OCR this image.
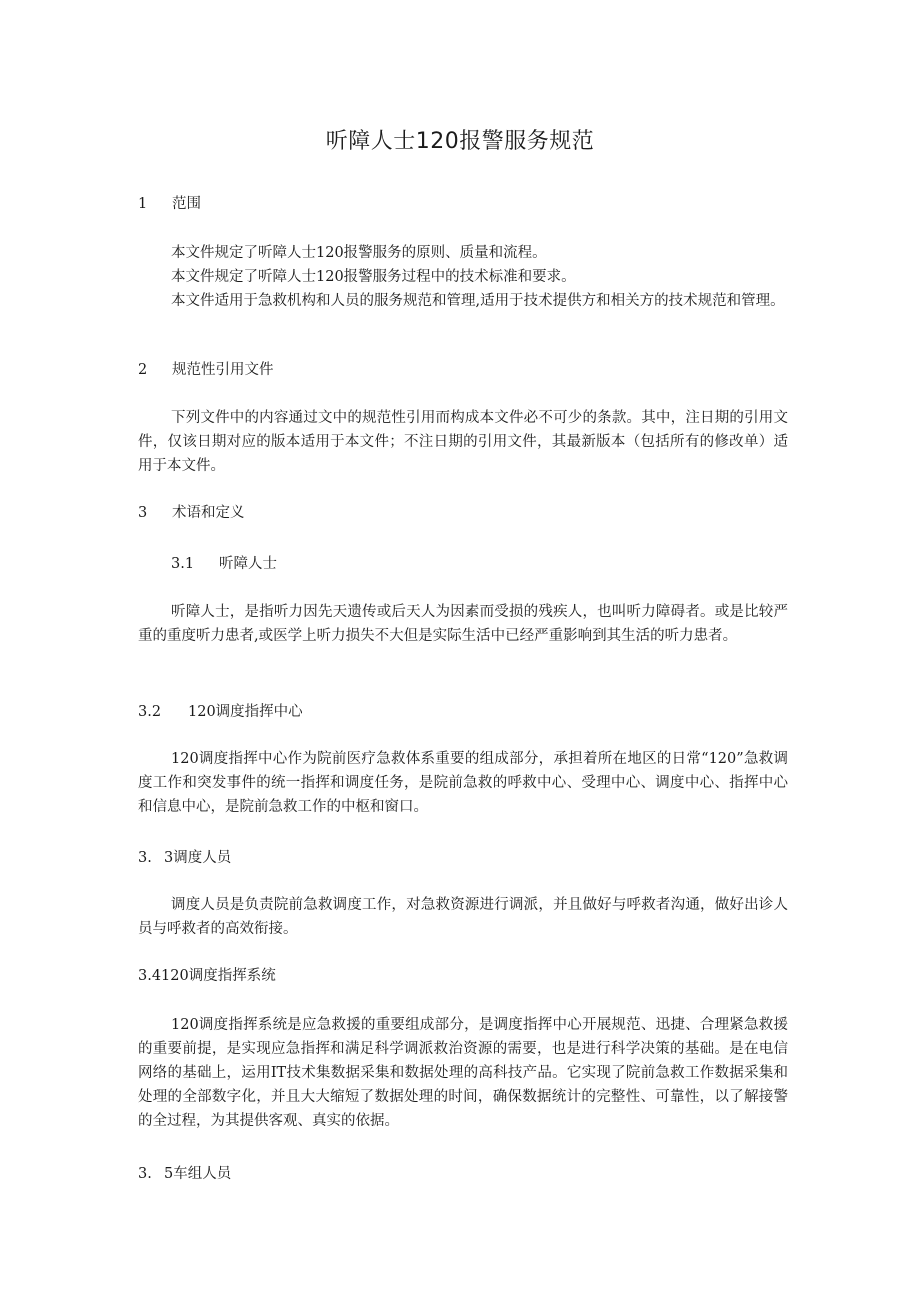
听障人士120报警服务规范
1 范围

本文件规定了听障人士120报警服务的原则、质量和流程。

本文件规定了听障人士120报警服务过程中的技术标准和要求。

本文件适用于急救机构和人员的服务规范和管理,适用于技术提供方和相关方的技术规范和管理。

2 规范性引用文件

下列文件中的内容通过文中的规范性引用而构成本文件必不可少的条款。其中，注日期的引用文件，仅该日期对应的版本适用于本文件；不注日期的引用文件，其最新版本（包括所有的修改单）适用于本文件。

3 术语和定义
3.1 听障人士

听障人士，是指听力因先天遗传或后天人为因素而受损的残疾人，也叫听力障碍者。或是比较严重的重度听力患者,或医学上听力损失不大但是实际生活中已经严重影响到其生活的听力患者。

3.2 120调度指挥中心

120调度指挥中心作为院前医疗急救体系重要的组成部分，承担着所在地区的日常“120”急救调度工作和突发事件的统一指挥和调度任务，是院前急救的呼救中心、受理中心、调度中心、指挥中心和信息中心，是院前急救工作的中枢和窗口。

3. 3调度人员

调度人员是负责院前急救调度工作，对急救资源进行调派，并且做好与呼救者沟通，做好出诊人员与呼救者的高效衔接。

3.4120调度指挥系统

120调度指挥系统是应急救援的重要组成部分，是调度指挥中心开展规范、迅捷、合理紧急救援的重要前提，是实现应急指挥和满足科学调派救治资源的需要，也是进行科学决策的基础。是在电信网络的基础上，运用IT技术集数据采集和数据处理的高科技产品。它实现了院前急救工作数据采集和处理的全部数字化，并且大大缩短了数据处理的时间，确保数据统计的完整性、可靠性，以了解接警的全过程，为其提供客观、真实的依据。

3. 5车组人员
